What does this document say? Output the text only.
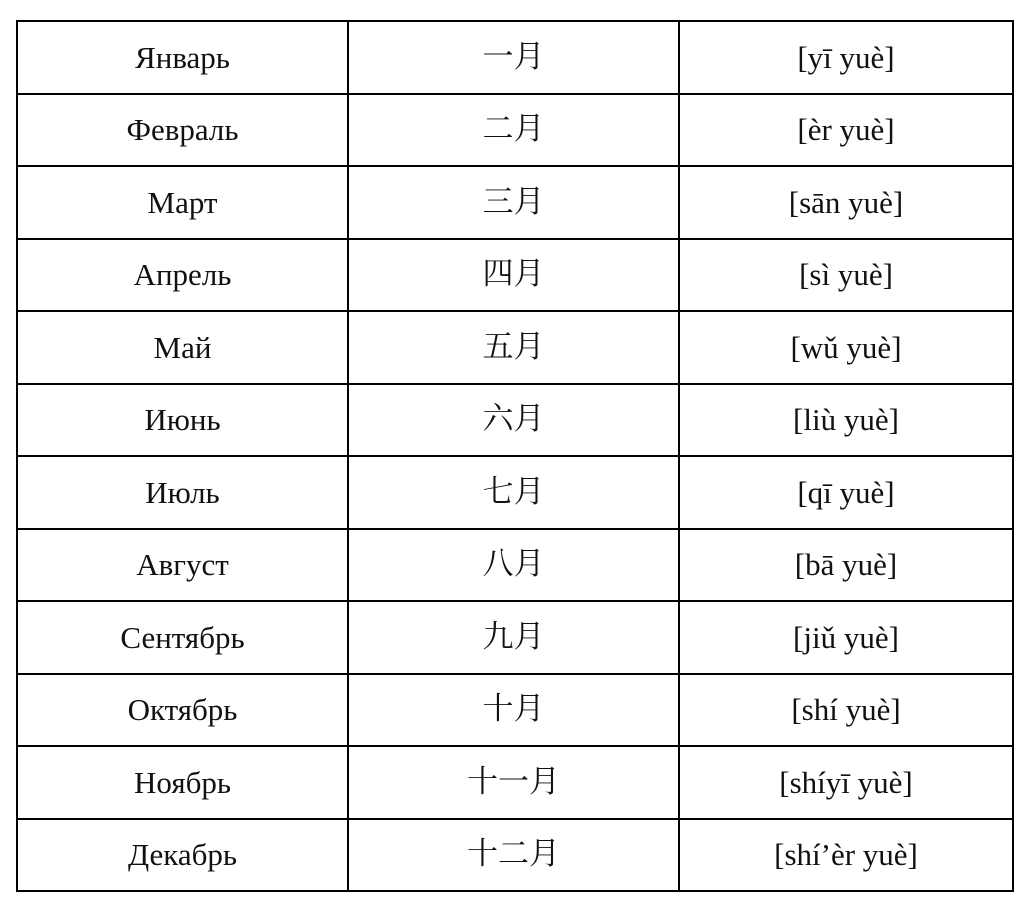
Январь	一月	[yī yuè]
Февраль	二月	[èr yuè]
Март	三月	[sān yuè]
Апрель	四月	[sì yuè]
Май	五月	[wǔ yuè]
Июнь	六月	[liù yuè]
Июль	七月	[qī yuè]
Август	八月	[bā yuè]
Сентябрь	九月	[jiǔ yuè]
Октябрь	十月	[shí yuè]
Ноябрь	十一月	[shíyī yuè]
Декабрь	十二月	[shí’èr yuè]
